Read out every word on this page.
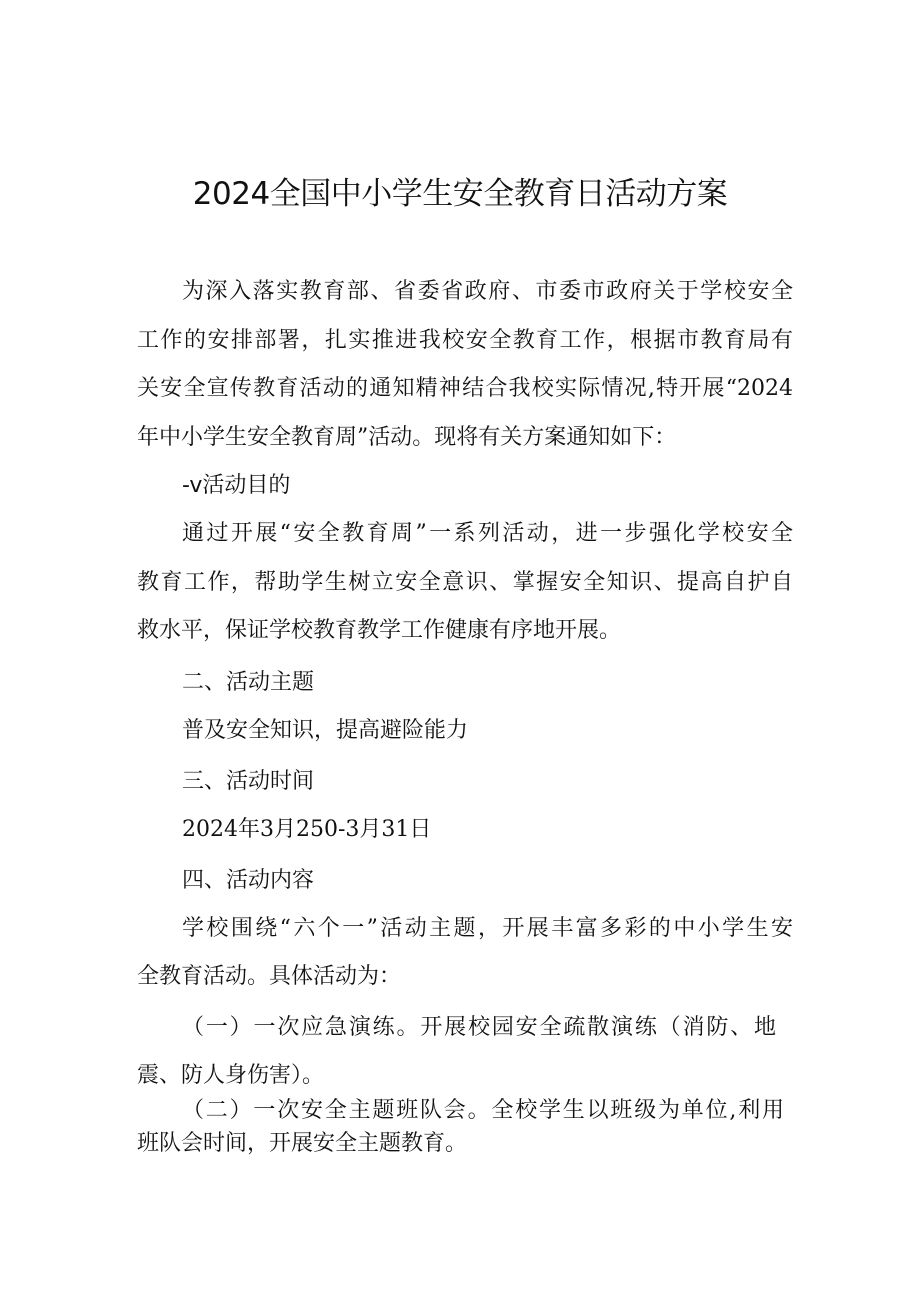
2024全国中小学生安全教育日活动方案
为深入落实教育部、省委省政府、市委市政府关于学校安全
工作的安排部署，扎实推进我校安全教育工作，根据市教育局有
关安全宣传教育活动的通知精神结合我校实际情况,特开展“2024
年中小学生安全教育周”活动。现将有关方案通知如下：
-v活动目的
通过开展“安全教育周”一系列活动，进一步强化学校安全
教育工作，帮助学生树立安全意识、掌握安全知识、提高自护自
救水平，保证学校教育教学工作健康有序地开展。
二、活动主题
普及安全知识，提高避险能力
三、活动时间
2024年3月250-3月31日
四、活动内容
学校围绕“六个一”活动主题，开展丰富多彩的中小学生安
全教育活动。具体活动为：
（一）一次应急演练。开展校园安全疏散演练（消防、地
震、防人身伤害）。
（二）一次安全主题班队会。全校学生以班级为单位,利用
班队会时间，开展安全主题教育。
